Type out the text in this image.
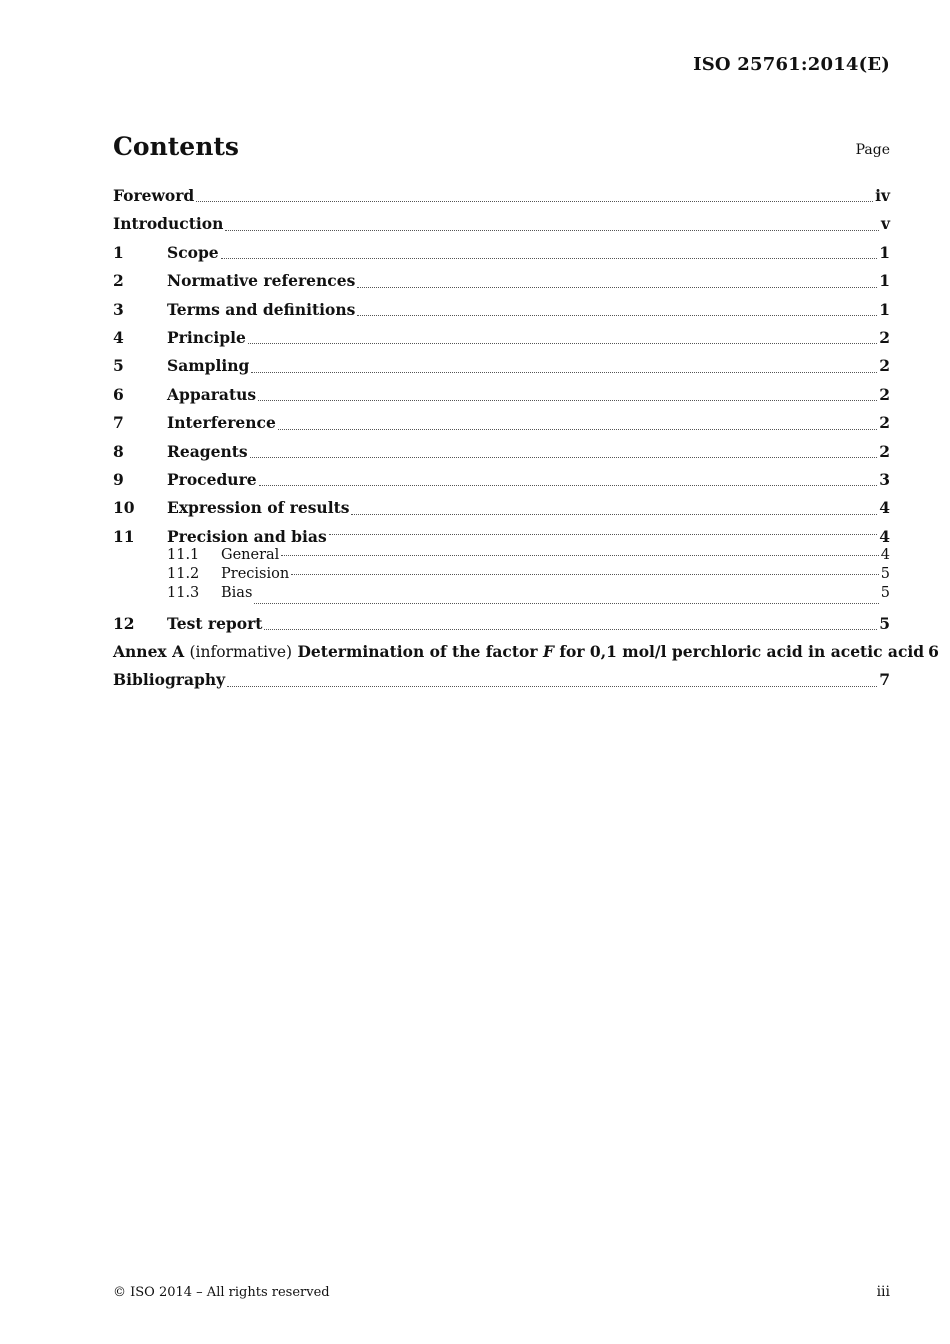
ISO 25761:2014(E)
Contents	Page
Foreword	iv
Introduction	v
1	Scope	1
2	Normative references	1
3	Terms and definitions	1
4	Principle	2
5	Sampling	2
6	Apparatus	2
7	Interference	2
8	Reagents	2
9	Procedure	3
10	Expression of results	4
11	Precision and bias	4
11.1	General	4
11.2	Precision	5
11.3	Bias	5
12	Test report	5
Annex A (informative) Determination of the factor F for 0,1 mol/l perchloric acid in acetic acid 6
Bibliography	7
© ISO 2014 – All rights reserved	iii
